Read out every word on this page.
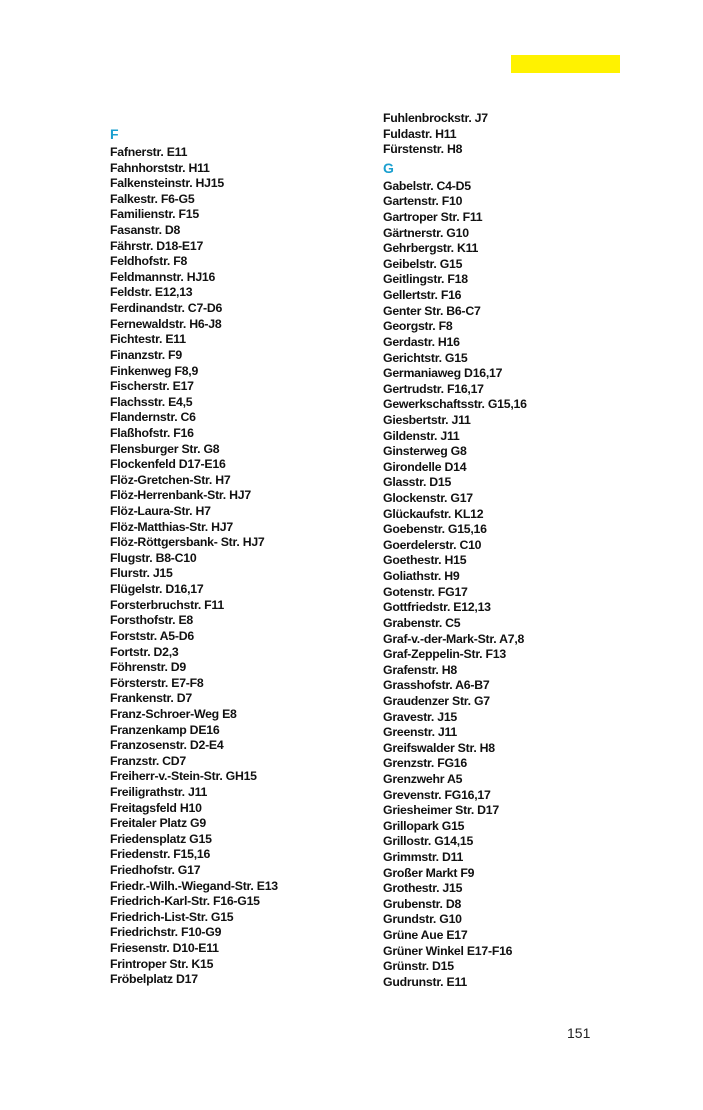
F
Fafnerstr. E11
Fahnhorststr. H11
Falkensteinstr. HJ15
Falkestr. F6-G5
Familienstr. F15
Fasanstr. D8
Fährstr. D18-E17
Feldhofstr. F8
Feldmannstr. HJ16
Feldstr. E12,13
Ferdinandstr. C7-D6
Fernewaldstr. H6-J8
Fichtestr. E11
Finanzstr. F9
Finkenweg F8,9
Fischerstr. E17
Flachsstr. E4,5
Flandernstr. C6
Flaßhofstr. F16
Flensburger Str. G8
Flockenfeld D17-E16
Flöz-Gretchen-Str. H7
Flöz-Herrenbank-Str. HJ7
Flöz-Laura-Str. H7
Flöz-Matthias-Str. HJ7
Flöz-Röttgersbank- Str. HJ7
Flugstr. B8-C10
Flurstr. J15
Flügelstr. D16,17
Forsterbruchstr. F11
Forsthofstr. E8
Forststr. A5-D6
Fortstr. D2,3
Föhrenstr. D9
Försterstr. E7-F8
Frankenstr. D7
Franz-Schroer-Weg E8
Franzenkamp DE16
Franzosenstr. D2-E4
Franzstr. CD7
Freiherr-v.-Stein-Str. GH15
Freiligrathstr. J11
Freitagsfeld H10
Freitaler Platz G9
Friedensplatz G15
Friedenstr. F15,16
Friedhofstr. G17
Friedr.-Wilh.-Wiegand-Str. E13
Friedrich-Karl-Str. F16-G15
Friedrich-List-Str. G15
Friedrichstr. F10-G9
Friesenstr. D10-E11
Frintroper Str. K15
Fröbelplatz D17
Fuhlenbrockstr. J7
Fuldastr. H11
Fürstenstr. H8
G
Gabelstr. C4-D5
Gartenstr. F10
Gartroper Str. F11
Gärtnerstr. G10
Gehrbergstr. K11
Geibelstr. G15
Geitlingstr. F18
Gellertstr. F16
Genter Str. B6-C7
Georgstr. F8
Gerdastr. H16
Gerichtstr. G15
Germaniaweg D16,17
Gertrudstr. F16,17
Gewerkschaftsstr. G15,16
Giesbertstr. J11
Gildenstr. J11
Ginsterweg G8
Girondelle D14
Glasstr. D15
Glockenstr. G17
Glückaufstr. KL12
Goebenstr. G15,16
Goerdelerstr. C10
Goethestr. H15
Goliathstr. H9
Gotenstr. FG17
Gottfriedstr. E12,13
Grabenstr. C5
Graf-v.-der-Mark-Str. A7,8
Graf-Zeppelin-Str. F13
Grafenstr. H8
Grasshofstr. A6-B7
Graudenzer Str. G7
Gravestr. J15
Greenstr. J11
Greifswalder Str. H8
Grenzstr. FG16
Grenzwehr A5
Grevenstr. FG16,17
Griesheimer Str. D17
Grillopark G15
Grillostr. G14,15
Grimmstr. D11
Großer Markt F9
Grothestr. J15
Grubenstr. D8
Grundstr. G10
Grüne Aue E17
Grüner Winkel E17-F16
Grünstr. D15
Gudrunstr. E11
151
